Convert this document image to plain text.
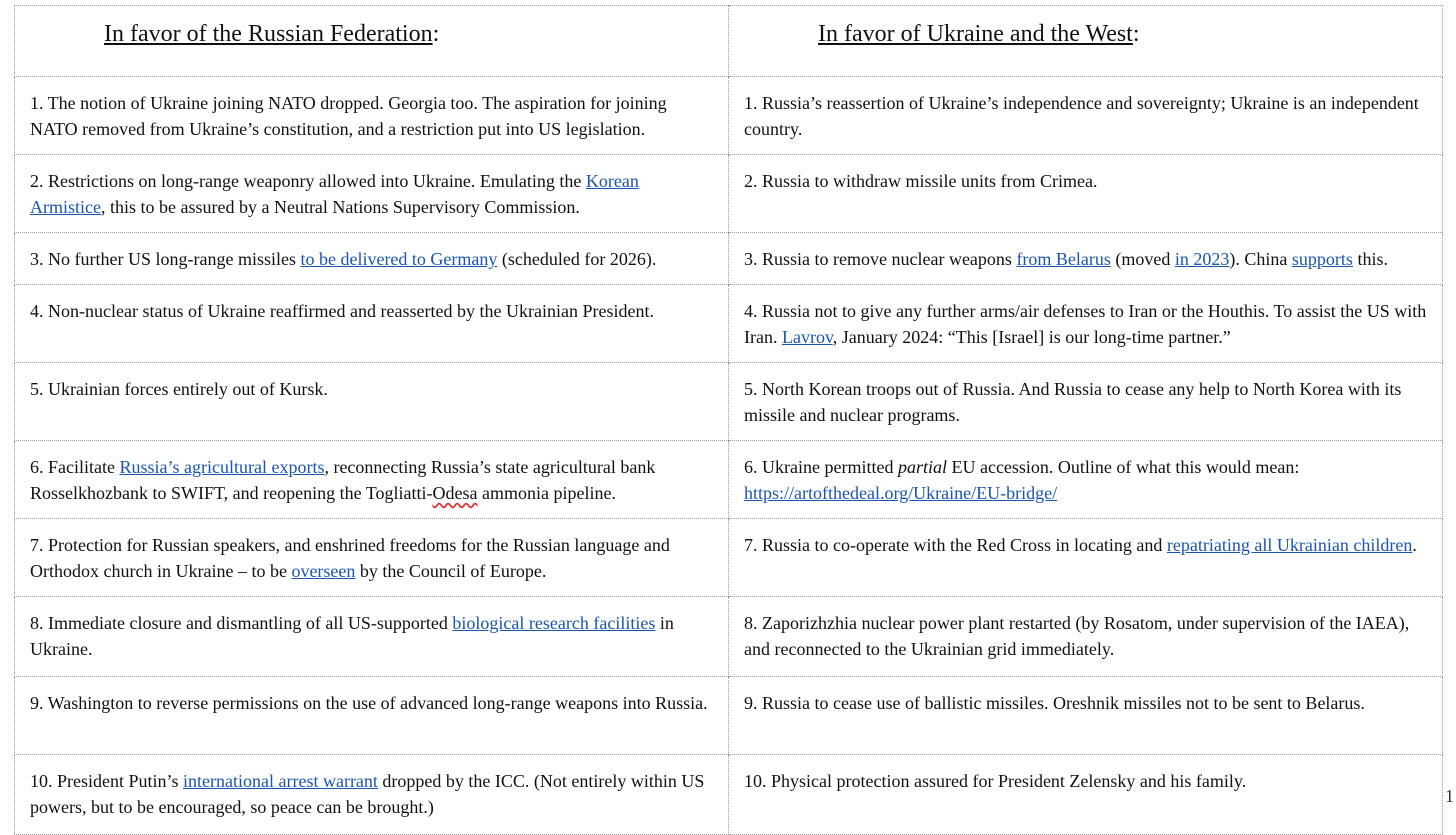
In favor of the Russian Federation:	In favor of Ukraine and the West:
1. The notion of Ukraine joining NATO dropped. Georgia too. The aspiration for joining NATO removed from Ukraine’s constitution, and a restriction put into US legislation.	1. Russia’s reassertion of Ukraine’s independence and sovereignty; Ukraine is an independent country.
2. Restrictions on long-range weaponry allowed into Ukraine. Emulating the Korean Armistice, this to be assured by a Neutral Nations Supervisory Commission.	2. Russia to withdraw missile units from Crimea.
3. No further US long-range missiles to be delivered to Germany (scheduled for 2026).	3. Russia to remove nuclear weapons from Belarus (moved in 2023). China supports this.
4. Non-nuclear status of Ukraine reaffirmed and reasserted by the Ukrainian President.	4. Russia not to give any further arms/air defenses to Iran or the Houthis. To assist the US with Iran. Lavrov, January 2024: “This [Israel] is our long-time partner.”
5. Ukrainian forces entirely out of Kursk.	5. North Korean troops out of Russia. And Russia to cease any help to North Korea with its missile and nuclear programs.
6. Facilitate Russia’s agricultural exports, reconnecting Russia’s state agricultural bank Rosselkhozbank to SWIFT, and reopening the Togliatti-Odesa ammonia pipeline.	6. Ukraine permitted partial EU accession. Outline of what this would mean: https://artofthedeal.org/Ukraine/EU-bridge/
7. Protection for Russian speakers, and enshrined freedoms for the Russian language and Orthodox church in Ukraine – to be overseen by the Council of Europe.	7. Russia to co-operate with the Red Cross in locating and repatriating all Ukrainian children.
8. Immediate closure and dismantling of all US-supported biological research facilities in Ukraine.	8. Zaporizhzhia nuclear power plant restarted (by Rosatom, under supervision of the IAEA), and reconnected to the Ukrainian grid immediately.
9. Washington to reverse permissions on the use of advanced long-range weapons into Russia.	9. Russia to cease use of ballistic missiles. Oreshnik missiles not to be sent to Belarus.
10. President Putin’s international arrest warrant dropped by the ICC. (Not entirely within US powers, but to be encouraged, so peace can be brought.)	10. Physical protection assured for President Zelensky and his family.
1
